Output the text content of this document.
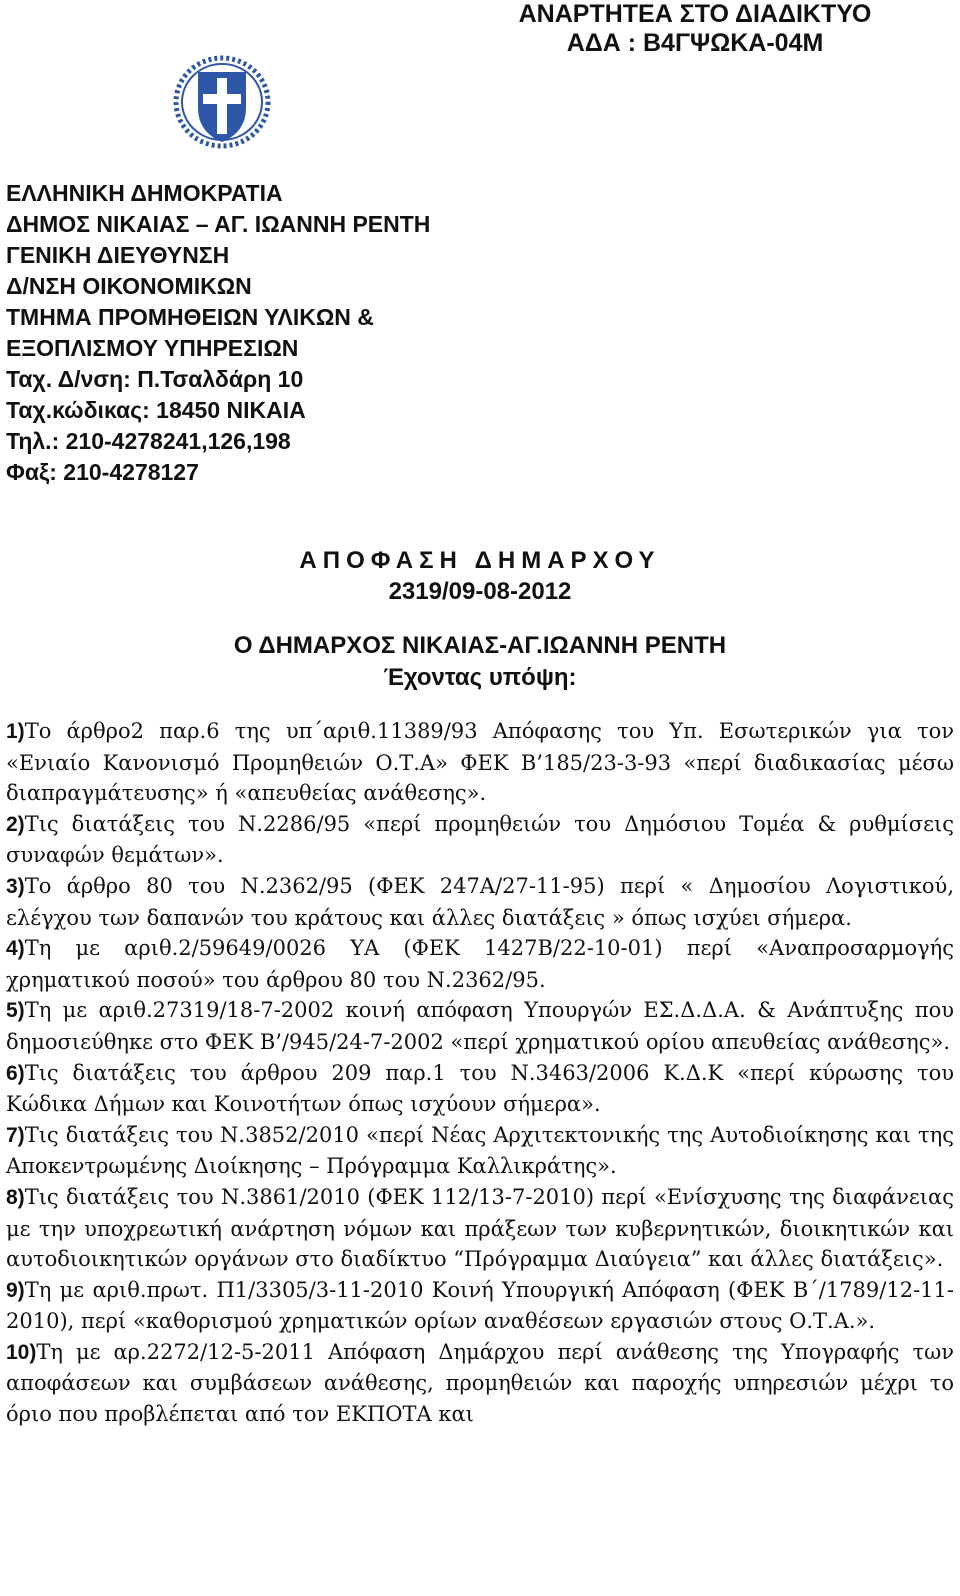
ΑΝΑΡΤΗΤΕΑ ΣΤΟ ΔΙΑΔΙΚΤΥΟ
ΑΔΑ : Β4ΓΨΩΚΑ-04Μ
ΕΛΛΗΝΙΚΗ ΔΗΜΟΚΡΑΤΙΑ
ΔΗΜΟΣ ΝΙΚΑΙΑΣ – ΑΓ. ΙΩΑΝΝΗ ΡΕΝΤΗ
ΓΕΝΙΚΗ ΔΙΕΥΘΥΝΣΗ
Δ/ΝΣΗ ΟΙΚΟΝΟΜΙΚΩΝ
ΤΜΗΜΑ ΠΡΟΜΗΘΕΙΩΝ ΥΛΙΚΩΝ &
ΕΞΟΠΛΙΣΜΟΥ ΥΠΗΡΕΣΙΩΝ
Ταχ. Δ/νση: Π.Τσαλδάρη 10
Ταχ.κώδικας: 18450 ΝΙΚΑΙΑ
Τηλ.: 210-4278241,126,198
Φαξ: 210-4278127
ΑΠΟΦΑΣΗ ΔΗΜΑΡΧΟΥ
2319/09-08-2012
Ο ΔΗΜΑΡΧΟΣ ΝΙΚΑΙΑΣ-ΑΓ.ΙΩΑΝΝΗ ΡΕΝΤΗ
Έχοντας υπόψη:

1)Το άρθρο2 παρ.6 της υπ΄αριθ.11389/93 Απόφασης του Υπ. Εσωτερικών για τον «Ενιαίο Κανονισμό Προμηθειών Ο.Τ.Α» ΦΕΚ Β’185/23-3-93 «περί διαδικασίας μέσω διαπραγμάτευσης» ή «απευθείας ανάθεσης».

2)Τις διατάξεις του Ν.2286/95 «περί προμηθειών του Δημόσιου Τομέα & ρυθμίσεις συναφών θεμάτων».

3)Το άρθρο 80 του Ν.2362/95 (ΦΕΚ 247Α/27-11-95) περί « Δημοσίου Λογιστικού, ελέγχου των δαπανών του κράτους και άλλες διατάξεις » όπως ισχύει σήμερα.

4)Τη με αριθ.2/59649/0026 ΥΑ (ΦΕΚ 1427Β/22-10-01) περί «Αναπροσαρμογής χρηματικού ποσού» του άρθρου 80 του Ν.2362/95.

5)Τη με αριθ.27319/18-7-2002 κοινή απόφαση Υπουργών ΕΣ.Δ.Δ.Α. & Ανάπτυξης που δημοσιεύθηκε στο ΦΕΚ Β’/945/24-7-2002 «περί χρηματικού ορίου απευθείας ανάθεσης».

6)Τις διατάξεις του άρθρου 209 παρ.1 του Ν.3463/2006 Κ.Δ.Κ «περί κύρωσης του Κώδικα Δήμων και Κοινοτήτων όπως ισχύουν σήμερα».

7)Τις διατάξεις του Ν.3852/2010 «περί Νέας Αρχιτεκτονικής της Αυτοδιοίκησης και της Αποκεντρωμένης Διοίκησης – Πρόγραμμα Καλλικράτης».

8)Τις διατάξεις του Ν.3861/2010 (ΦΕΚ 112/13-7-2010) περί «Ενίσχυσης της διαφάνειας με την υποχρεωτική ανάρτηση νόμων και πράξεων των κυβερνητικών, διοικητικών και αυτοδιοικητικών οργάνων στο διαδίκτυο “Πρόγραμμα Διαύγεια” και άλλες διατάξεις».

9)Τη με αριθ.πρωτ. Π1/3305/3-11-2010 Κοινή Υπουργική Απόφαση (ΦΕΚ Β΄/1789/12-11-2010), περί «καθορισμού χρηματικών ορίων αναθέσεων εργασιών στους Ο.Τ.Α.».

10)Τη με αρ.2272/12-5-2011 Απόφαση Δημάρχου περί ανάθεσης της Υπογραφής των αποφάσεων και συμβάσεων ανάθεσης, προμηθειών και παροχής υπηρεσιών μέχρι το όριο που προβλέπεται από τον ΕΚΠΟΤΑ και
